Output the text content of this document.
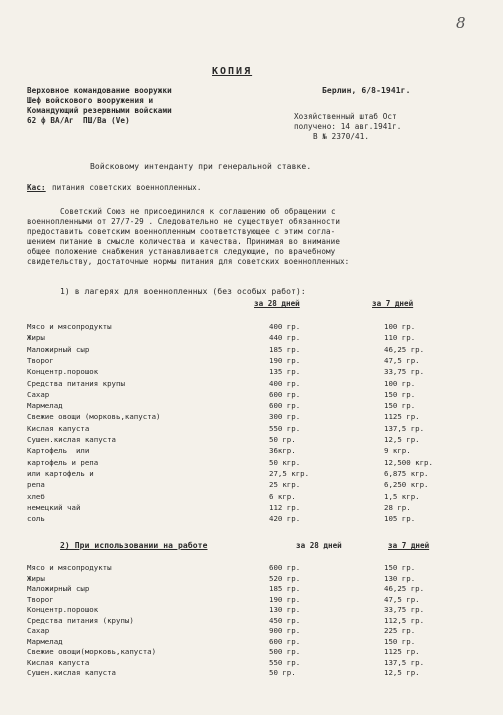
8
КОПИЯ
Верховное командование вооружки
Шеф войскового вооружения и
Командующий резервными войсками
62 ф ВА/Аг  ПШ/Ва (Ve)
Берлин, 6/8-1941г.
Хозяйственный штаб Ост
получено: 14 авг.1941г.
В № 2370/41.
Войсковому интенданту при генеральной ставке.
Кас: питания советских военнопленных.
Советский Союз не присоединился к соглашению об обращении с
военнопленными от 27/7-29 . Следовательно не существует обязанности
предоставить советским военнопленным соответствующее с этим согла-
шением питание в смысле количества и качества. Принимая во внимание
общее положение снабжения устанавливается следующие, по врачебному
свидетельству, достаточные нормы питания для советских военнопленных:
1) в лагерях для военнопленных (без особых работ):
за 28 дней	за 7 дней
Мясо и мясопродукты	400 гр.	100 гр.
Жиры	440 гр.	110 гр.
Маложирный сыр	185 гр.	46,25 гр.
Творог	190 гр.	47,5 гр.
Концентр.порошок	135 гр.	33,75 гр.
Средства питания крупы	400 гр.	100 гр.
Сахар	600 гр.	150 гр.
Мармелад	600 гр.	150 гр.
Свежие овощи (морковь,капуста)	300 гр.	1125 гр.
Кислая капуста	550 гр.	137,5 гр.
Сушен.кислая капуста	50 гр.	12,5 гр.
Картофель  или	36кгр.	9 кгр.
картофель и репа	50 кгр.	12,500 кгр.
или картофель и	27,5 кгр.	6,875 кгр.
репа	25 кгр.	6,250 кгр.
хлеб	6 кгр.	1,5 кгр.
немецкий чай	112 гр.	28 гр.
соль	420 гр.	105 гр.
2) При использовании на работе	за 28 дней	за 7 дней
Мясо и мясопродукты	600 гр.	150 гр.
Жиры	520 гр.	130 гр.
Маложирный сыр	185 гр.	46,25 гр.
Творог	190 гр.	47,5 гр.
Концентр.порошок	130 гр.	33,75 гр.
Средства питания (крупы)	450 гр.	112,5 гр.
Сахар	900 гр.	225 гр.
Мармелад	600 гр.	150 гр.
Свежие овощи(морковь,капуста)	500 гр.	1125 гр.
Кислая капуста	550 гр.	137,5 гр.
Сушен.кислая капуста	50 гр.	12,5 гр.
